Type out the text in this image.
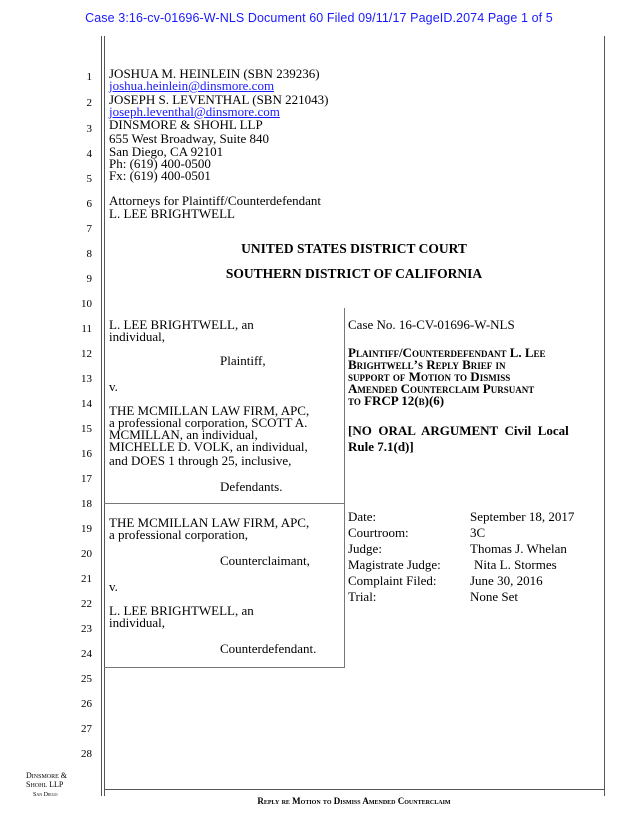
Case 3:16-cv-01696-W-NLS Document 60 Filed 09/11/17 PageID.2074 Page 1 of 5
1
2
3
4
5
6
7
8
9
10
11
12
13
14
15
16
17
18
19
20
21
22
23
24
25
26
27
28
JOSHUA M. HEINLEIN (SBN 239236)
joshua.heinlein@dinsmore.com
JOSEPH S. LEVENTHAL (SBN 221043)
joseph.leventhal@dinsmore.com
DINSMORE & SHOHL LLP
655 West Broadway, Suite 840
San Diego, CA 92101
Ph: (619) 400-0500
Fx: (619) 400-0501
Attorneys for Plaintiff/Counterdefendant
L. LEE BRIGHTWELL
UNITED STATES DISTRICT COURT
SOUTHERN DISTRICT OF CALIFORNIA
L. LEE BRIGHTWELL, an
individual,
Plaintiff,
v.
THE MCMILLAN LAW FIRM, APC,
a professional corporation, SCOTT A.
MCMILLAN, an individual,
MICHELLE D. VOLK, an individual,
and DOES 1 through 25, inclusive,
Defendants.
THE MCMILLAN LAW FIRM, APC,
a professional corporation,
Counterclaimant,
v.
L. LEE BRIGHTWELL, an
individual,
Counterdefendant.
Case No. 16-CV-01696-W-NLS
Plaintiff/Counterdefendant L. Lee
Brightwell’s Reply Brief in
support of Motion to Dismiss
Amended Counterclaim Pursuant
to FRCP 12(b)(6)
[NO  ORAL  ARGUMENT  Civil  Local
Rule 7.1(d)]
Date:	September 18, 2017
Courtroom:	3C
Judge:	Thomas J. Whelan
Magistrate Judge:	Nita L. Stormes
Complaint Filed:	June 30, 2016
Trial:	None Set
Dinsmore &
Shohl LLP
San Diego
Reply re Motion to Dismiss Amended Counterclaim
